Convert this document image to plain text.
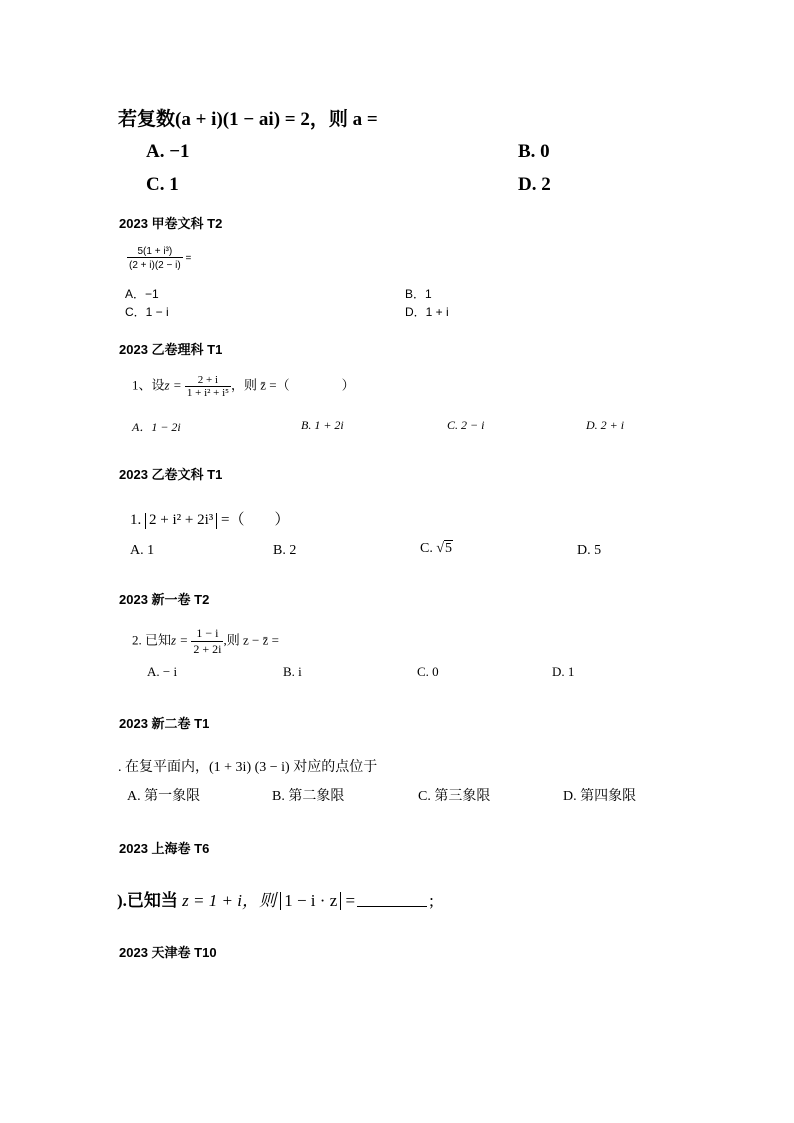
若复数(a + i)(1 − ai) = 2，则 a =
A. −1	B. 0
C. 1	D. 2
2023 甲卷文科 T2
$\frac{\text{5(1 + i³)}}{(2 + i)(2 - i)}$ =
A．−1	B．1
C．1 − i	D．1 + i
2023 乙卷理科 T1
1、设$z = \frac{2 + i}{\text{1 + i² + i⁵}}$ ，则 z̄ =（　　　　）
A．1 − 2i	B. 1 + 2i	C. 2 − i	D. 2 + i
2023 乙卷文科 T1
1. 2 + i² + 2i³ =（　　）
A. 1	B. 2	C. √5	D. 5
2023 新一卷 T2
2. 已知$z = \frac{1 - i}{2 + 2i}$ ,则 z − z̄ =
A. − i	B. i	C. 0	D. 1
2023 新二卷 T1
. 在复平面内，(1 + 3i) (3 − i) 对应的点位于
A. 第一象限	B. 第二象限	C. 第三象限	D. 第四象限
2023 上海卷 T6
).已知当 z = 1 + i，则 1 − i · z =	;
2023 天津卷 T10
